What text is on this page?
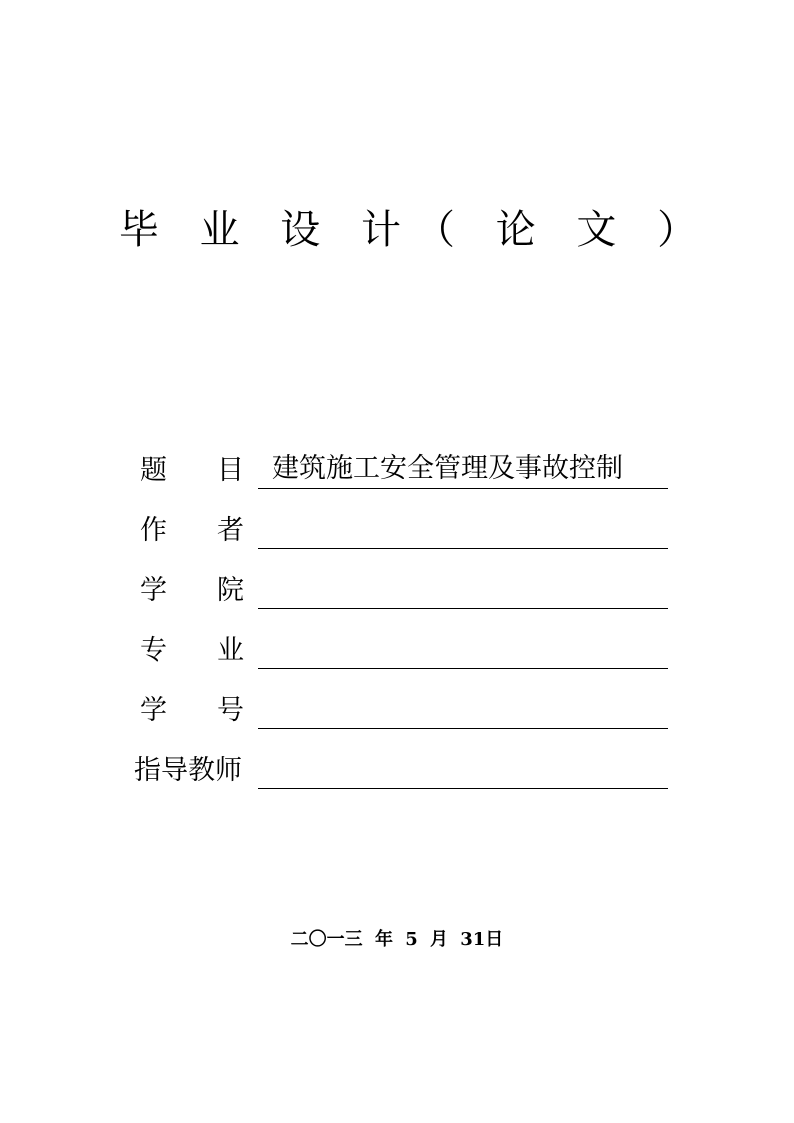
毕 业 设 计（ 论 文 ）
题 目 建筑施工安全管理及事故控制
作 者
学 院
专 业
学 号
指导教师
二〇一三 年 5 月 31日
